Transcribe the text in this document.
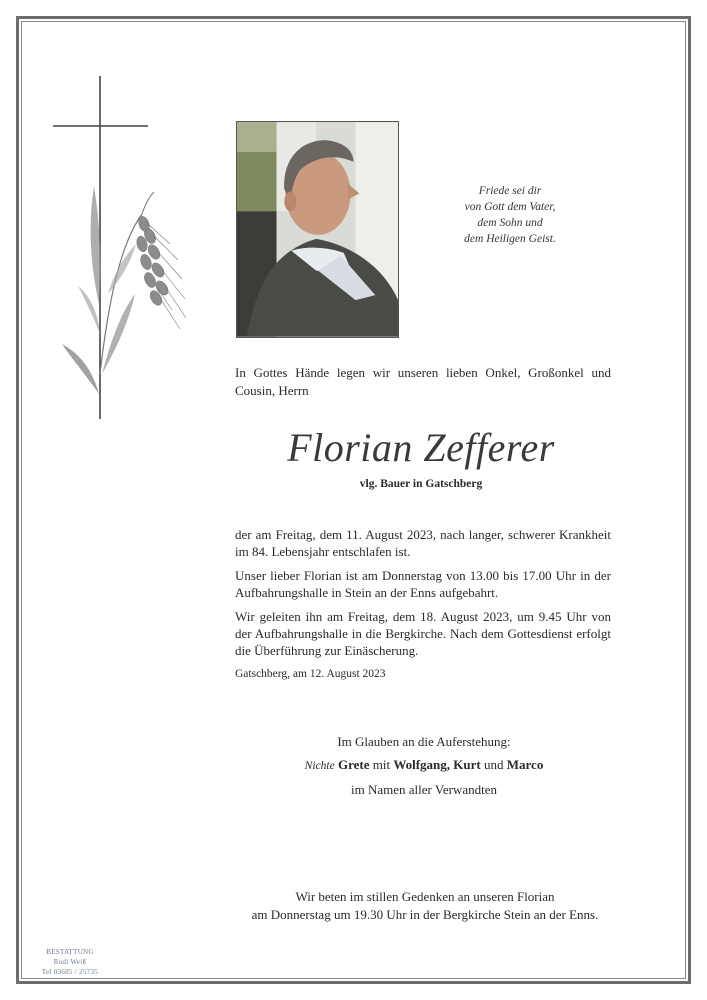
Friede sei dir
von Gott dem Vater,
dem Sohn und
dem Heiligen Geist.
In Gottes Hände legen wir unseren lieben Onkel, Großonkel und Cousin, Herrn
Florian Zefferer
vlg. Bauer in Gatschberg

der am Freitag, dem 11. August 2023, nach langer, schwerer Krankheit im 84. Lebensjahr entschlafen ist.

Unser lieber Florian ist am Donnerstag von 13.00 bis 17.00 Uhr in der Aufbahrungshalle in Stein an der Enns aufgebahrt.

Wir geleiten ihn am Freitag, dem 18. August 2023, um 9.45 Uhr von der Aufbahrungshalle in die Bergkirche. Nach dem Gottesdienst erfolgt die Überführung zur Einäscherung.

Gatschberg, am 12. August 2023

Im Glauben an die Auferstehung:
Nichte Grete mit Wolfgang, Kurt und Marco
im Namen aller Verwandten
Wir beten im stillen Gedenken an unseren Florian
am Donnerstag um 19.30 Uhr in der Bergkirche Stein an der Enns.
BESTATTUNG
Rudi Weiß
Tel 03685 / 25735
